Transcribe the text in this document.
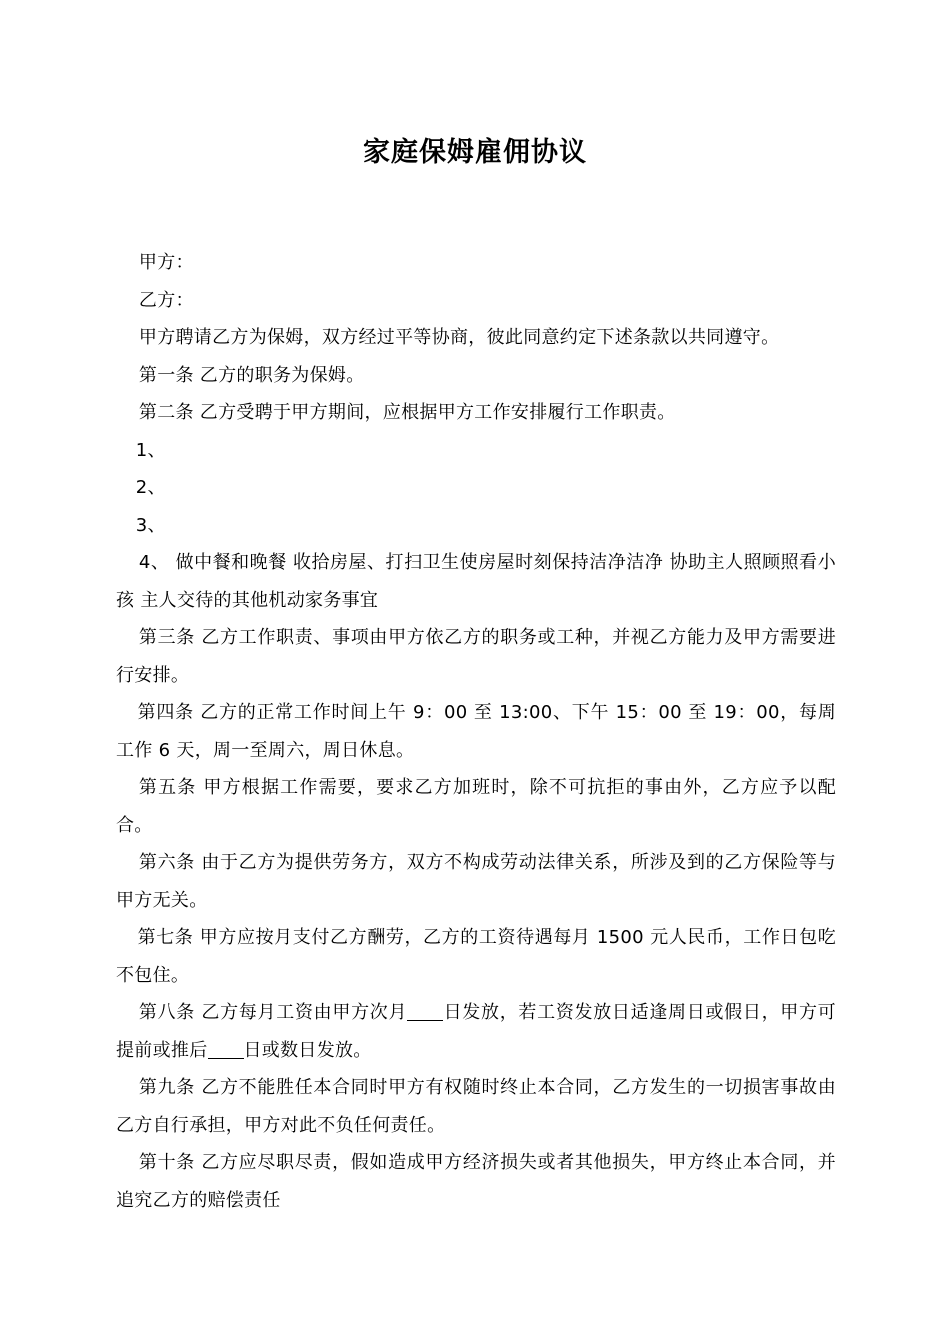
家庭保姆雇佣协议

甲方：

乙方：

甲方聘请乙方为保姆，双方经过平等协商，彼此同意约定下述条款以共同遵守。

第一条 乙方的职务为保姆。

第二条 乙方受聘于甲方期间，应根据甲方工作安排履行工作职责。

1、

2、

3、

4、 做中餐和晚餐 收拾房屋、打扫卫生使房屋时刻保持洁净洁净 协助主人照顾照看小孩 主人交待的其他机动家务事宜

第三条 乙方工作职责、事项由甲方依乙方的职务或工种，并视乙方能力及甲方需要进行安排。

第四条 乙方的正常工作时间上午 9：00 至 13:00、下午 15：00 至 19：00，每周工作 6 天，周一至周六，周日休息。

第五条 甲方根据工作需要，要求乙方加班时，除不可抗拒的事由外，乙方应予以配合。

第六条 由于乙方为提供劳务方，双方不构成劳动法律关系，所涉及到的乙方保险等与甲方无关。

第七条 甲方应按月支付乙方酬劳，乙方的工资待遇每月 1500 元人民币，工作日包吃不包住。

第八条 乙方每月工资由甲方次月 日发放，若工资发放日适逢周日或假日，甲方可提前或推后 日或数日发放。

第九条 乙方不能胜任本合同时甲方有权随时终止本合同，乙方发生的一切损害事故由乙方自行承担，甲方对此不负任何责任。

第十条 乙方应尽职尽责，假如造成甲方经济损失或者其他损失，甲方终止本合同，并追究乙方的赔偿责任
